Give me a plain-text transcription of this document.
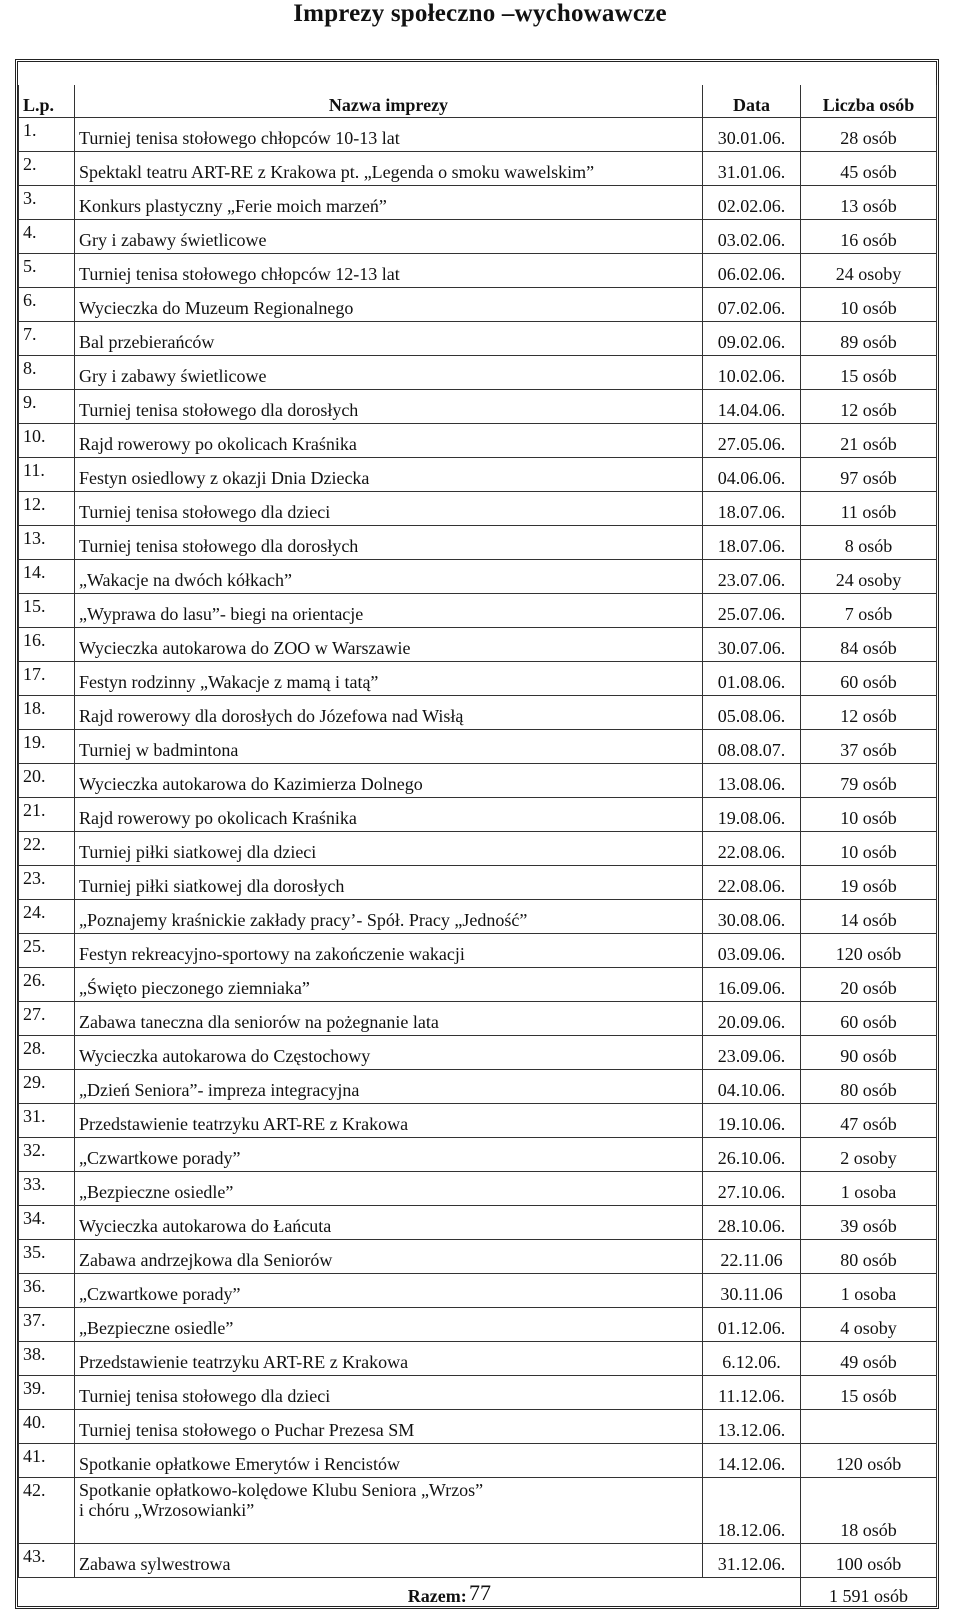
Imprezy społeczno –wychowawcze
L.p.	Nazwa imprezy	Data	Liczba osób
1.	Turniej tenisa stołowego chłopców 10-13 lat	30.01.06.	28 osób
2.	Spektakl teatru ART-RE z Krakowa pt. „Legenda o smoku wawelskim”	31.01.06.	45 osób
3.	Konkurs plastyczny „Ferie moich marzeń”	02.02.06.	13 osób
4.	Gry i zabawy świetlicowe	03.02.06.	16 osób
5.	Turniej tenisa stołowego chłopców 12-13 lat	06.02.06.	24 osoby
6.	Wycieczka do Muzeum Regionalnego	07.02.06.	10 osób
7.	Bal przebierańców	09.02.06.	89 osób
8.	Gry i zabawy świetlicowe	10.02.06.	15 osób
9.	Turniej tenisa stołowego dla dorosłych	14.04.06.	12 osób
10.	Rajd rowerowy po okolicach Kraśnika	27.05.06.	21 osób
11.	Festyn osiedlowy z okazji Dnia Dziecka	04.06.06.	97 osób
12.	Turniej tenisa stołowego dla dzieci	18.07.06.	11 osób
13.	Turniej tenisa stołowego dla dorosłych	18.07.06.	8 osób
14.	„Wakacje na dwóch kółkach”	23.07.06.	24 osoby
15.	„Wyprawa do lasu”- biegi na orientacje	25.07.06.	7 osób
16.	Wycieczka autokarowa do ZOO w Warszawie	30.07.06.	84 osób
17.	Festyn rodzinny „Wakacje z mamą i tatą”	01.08.06.	60 osób
18.	Rajd rowerowy dla dorosłych do Józefowa nad Wisłą	05.08.06.	12 osób
19.	Turniej w badmintona	08.08.07.	37 osób
20.	Wycieczka autokarowa do Kazimierza Dolnego	13.08.06.	79 osób
21.	Rajd rowerowy po okolicach Kraśnika	19.08.06.	10 osób
22.	Turniej piłki siatkowej dla dzieci	22.08.06.	10 osób
23.	Turniej piłki siatkowej dla dorosłych	22.08.06.	19 osób
24.	„Poznajemy kraśnickie zakłady pracy’- Spół. Pracy „Jedność”	30.08.06.	14 osób
25.	Festyn rekreacyjno-sportowy na zakończenie wakacji	03.09.06.	120 osób
26.	„Święto pieczonego ziemniaka”	16.09.06.	20 osób
27.	Zabawa taneczna dla seniorów na pożegnanie lata	20.09.06.	60 osób
28.	Wycieczka autokarowa do Częstochowy	23.09.06.	90 osób
29.	„Dzień Seniora”- impreza integracyjna	04.10.06.	80 osób
31.	Przedstawienie teatrzyku ART-RE z Krakowa	19.10.06.	47 osób
32.	„Czwartkowe porady”	26.10.06.	2 osoby
33.	„Bezpieczne osiedle”	27.10.06.	1 osoba
34.	Wycieczka autokarowa do Łańcuta	28.10.06.	39 osób
35.	Zabawa andrzejkowa dla Seniorów	22.11.06	80 osób
36.	„Czwartkowe porady”	30.11.06	1 osoba
37.	„Bezpieczne osiedle”	01.12.06.	4 osoby
38.	Przedstawienie teatrzyku ART-RE z Krakowa	6.12.06.	49 osób
39.	Turniej tenisa stołowego dla dzieci	11.12.06.	15 osób
40.	Turniej tenisa stołowego o Puchar Prezesa SM	13.12.06.	
41.	Spotkanie opłatkowe Emerytów i Rencistów	14.12.06.	120 osób
42.	Spotkanie opłatkowo-kolędowe Klubu Seniora „Wrzos”
i chóru „Wrzosowianki”	18.12.06.	18 osób
43.	Zabawa sylwestrowa	31.12.06.	100 osób
	Razem:		1 591 osób
77
